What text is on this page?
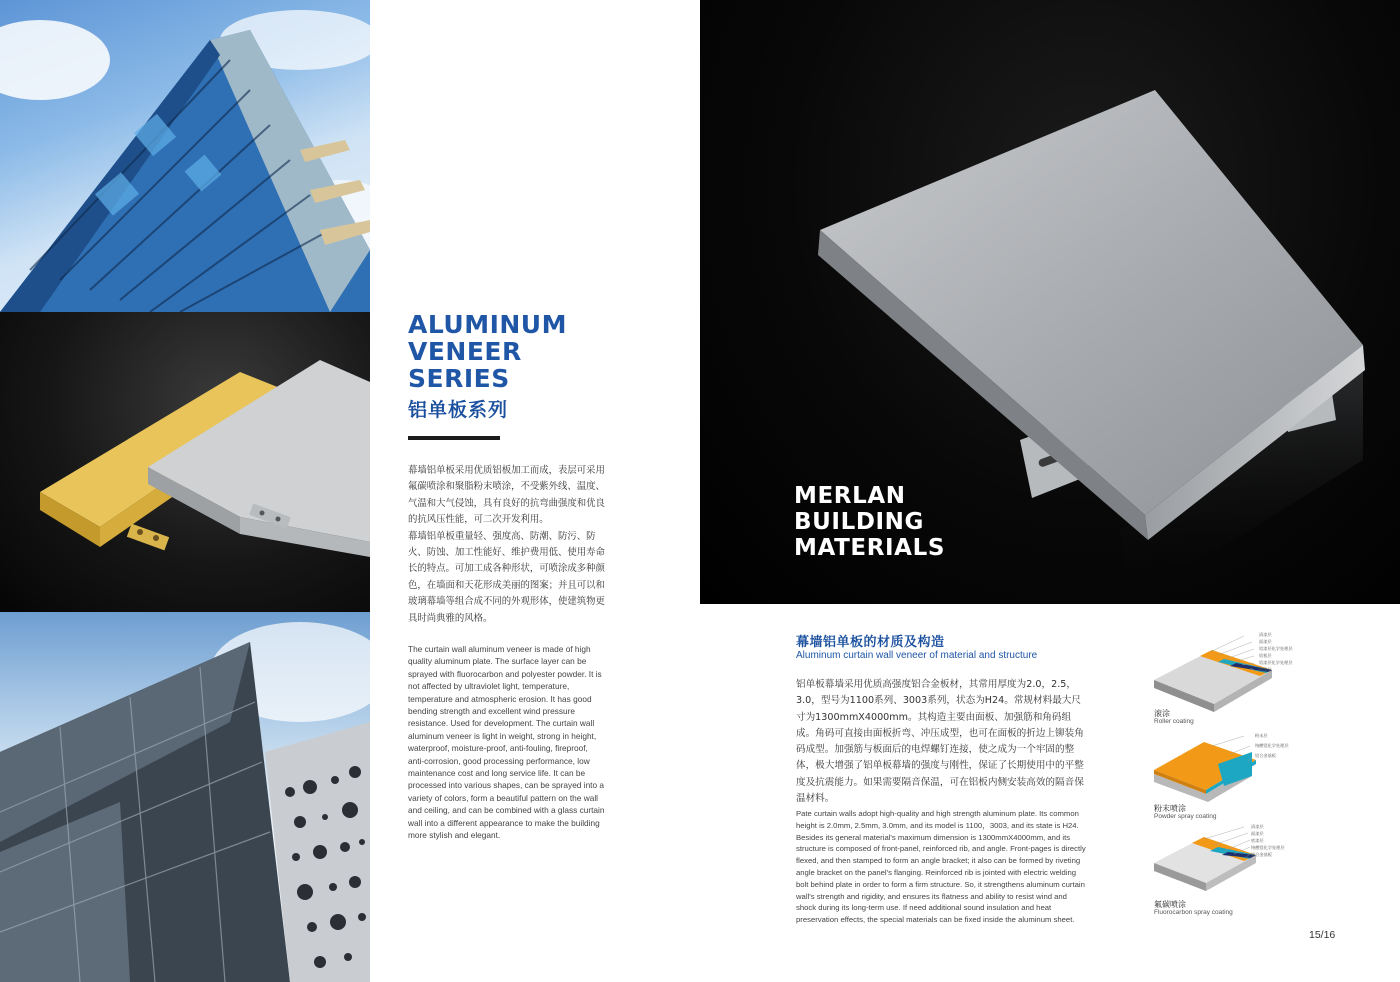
ALUMINUM
VENEER
SERIES
铝单板系列

幕墙铝单板采用优质铝板加工而成，表层可采用氟碳喷涂和聚脂粉末喷涂，不受紫外线、温度、气温和大气侵蚀，具有良好的抗弯曲强度和优良的抗风压性能，可二次开发利用。

幕墙铝单板重量轻、强度高、防潮、防污、防火、防蚀、加工性能好、维护费用低、使用寿命长的特点。可加工成各种形状，可喷涂成多种颜色，在墙面和天花形成美丽的图案；并且可以和玻璃幕墙等组合成不同的外观形体，使建筑物更具时尚典雅的风格。

The curtain wall aluminum veneer is made of high quality aluminum plate. The surface layer can be sprayed with fluorocarbon and polyester powder. It is not affected by ultraviolet light, temperature, temperature and atmospheric erosion. It has good bending strength and excellent wind pressure resistance. Used for development. The curtain wall aluminum veneer is light in weight, strong in height, waterproof, moisture-proof, anti-fouling, fireproof, anti-corrosion, good processing performance, low maintenance cost and long service life. It can be processed into various shapes, can be sprayed into a variety of colors, form a beautiful pattern on the wall and ceiling, and can be combined with a glass curtain wall into a different appearance to make the building more stylish and elegant.
MERLAN
BUILDING
MATERIALS
幕墙铝单板的材质及构造
Aluminum curtain wall veneer of material and structure
铝单板幕墙采用优质高强度铝合金板材，其常用厚度为2.0，2.5，3.0，型号为1100系列、3003系列，状态为H24。常规材料最大尺寸为1300mmX4000mm。其构造主要由面板、加强筋和角码组成。角码可直接由面板折弯、冲压成型，也可在面板的折边上铆装角码成型。加强筋与板面后的电焊螺钉连接，使之成为一个牢固的整体，极大增强了铝单板幕墙的强度与刚性，保证了长期使用中的平整度及抗震能力。如果需要隔音保温，可在铝板内侧安装高效的隔音保温材料。
Pate curtain walls adopt high-quality and high strength aluminum plate. Its common height is 2.0mm, 2.5mm, 3.0mm, and its model is 1100，3003, and its state is H24. Besides its general material's maximum dimension is 1300mmX4000mm, and its structure is composed of front-panel, reinforced rib, and angle. Front-pages is directly flexed, and then stamped to form an angle bracket; it also can be formed by riveting angle bracket on the panel's flanging. Reinforced rib is jointed with electric welding bolt behind plate in order to form a firm structure. So, it strengthens aluminum curtain wall's strength and rigidity, and ensures its flatness and ability to resist wind and shock during its long-term use. If need additional sound insulation and heat preservation effects, the special materials can be fixed inside the aluminum sheet.
清漆层
面漆层
铝漆层化学处理层
铝板层
铝漆层化学处理层
底漆层
滚涂
Roller coating
粉末层
铬酸镁化学处理层
铝合金基板
粉末喷涂
Powder spray coating
清漆层
面漆层
底漆层
铬酸镁化学处理层
铝合金基板
氟碳喷涂
Fluorocarbon spray coating
15/16
